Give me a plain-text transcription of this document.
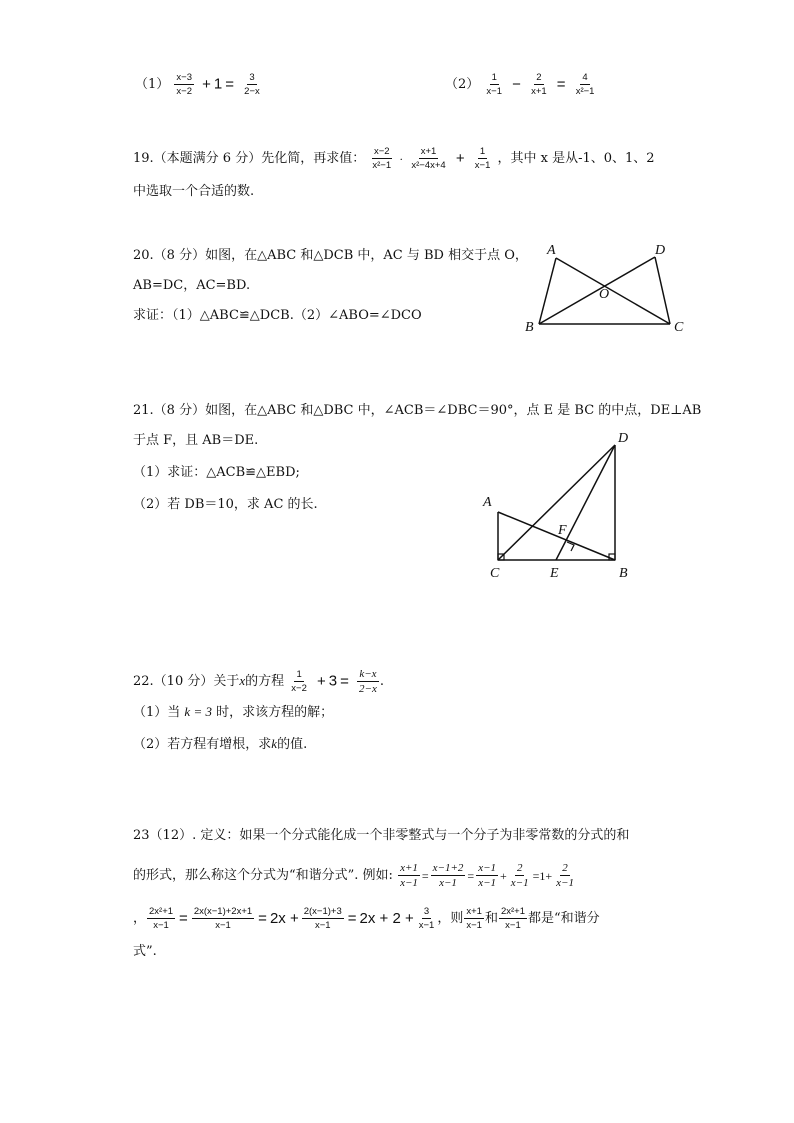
$(1) \frac{x-3}{x-2} + 1 = \frac{3}{2-x}$	$(2) \frac{1}{x-1} - \frac{2}{x+1} = \frac{4}{\text{x²−1}}$
19.（本题满分 6 分）先化简，再求值： $\frac{x-2}{\text{x²−1}} \cdot \frac{x+1}{\text{x²−4x+4}} + \frac{1}{x-1}$ ，其中 x 是从-1、0、1、2
中选取一个合适的数.
20.（8 分）如图，在△ABC 和△DCB 中，AC 与 BD 相交于点 O，
AB=DC，AC=BD.
求证：（1）△ABC≌△DCB.（2）∠ABO=∠DCO
A	D
O
B	C
21.（8 分）如图，在△ABC 和△DBC 中，∠ACB＝∠DBC＝90°，点 E 是 BC 的中点，DE⊥AB
于点 F，且 AB＝DE.
（1）求证：△ACB≌△EBD;
（2）若 DB＝10，求 AC 的长.
D
A
F
C	E	B
22.（10 分）关于x的方程 $\frac{1}{x-2} + 3 = \frac{k-x}{2-x}$ .
（1）当 k = 3 时，求该方程的解；
（2）若方程有增根，求k的值.
23（12）. 定义：如果一个分式能化成一个非零整式与一个分子为非零常数的分式的和
的形式，那么称这个分式为“和谐分式”. 例如: $\frac{x+1}{x-1} = \frac{x-1+2}{x-1} = \frac{x-1}{x-1} + \frac{2}{x-1} =1+ \frac{2}{x-1}$
， $\frac{\text{2x²+1}}{x-1} = \frac{2x(x-1)+2x+1}{x-1} = 2x + \frac{2(x-1)+3}{x-1} = 2x + 2 + \frac{3}{x-1}$ ，则 $\frac{x+1}{x-1}$ 和 $\frac{\text{2x²+1}}{x-1}$ 都是“和谐分
式”.
